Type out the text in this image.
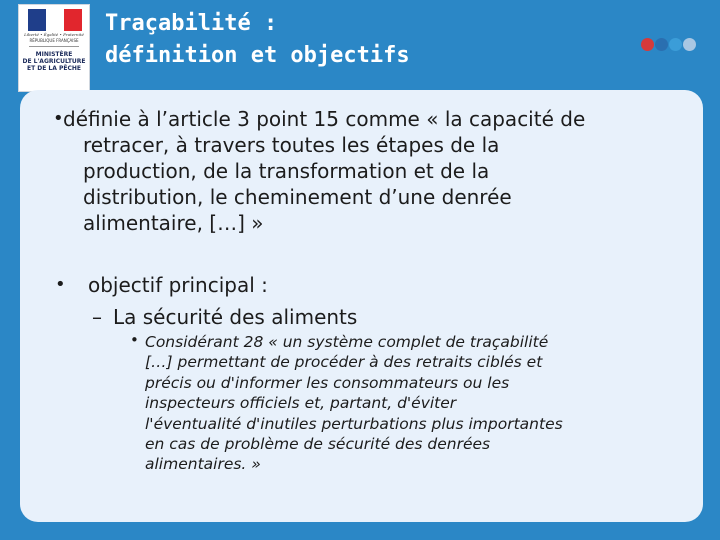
Liberté • Égalité • Fraternité
RÉPUBLIQUE FRANÇAISE
MINISTÈRE
DE L'AGRICULTURE
ET DE LA PÊCHE
Traçabilité :
définition et objectifs
• définie à l’article 3 point 15 comme « la capacité de
retracer, à travers toutes les étapes de la
production, de la transformation et de la
distribution, le cheminement d’une denrée
alimentaire, […] »
• objectif principal :
– La sécurité des aliments
• Considérant 28 « un système complet de traçabilité
[…] permettant de procéder à des retraits ciblés et
précis ou d'informer les consommateurs ou les
inspecteurs officiels et, partant, d'éviter
l'éventualité d'inutiles perturbations plus importantes
en cas de problème de sécurité des denrées
alimentaires. »
